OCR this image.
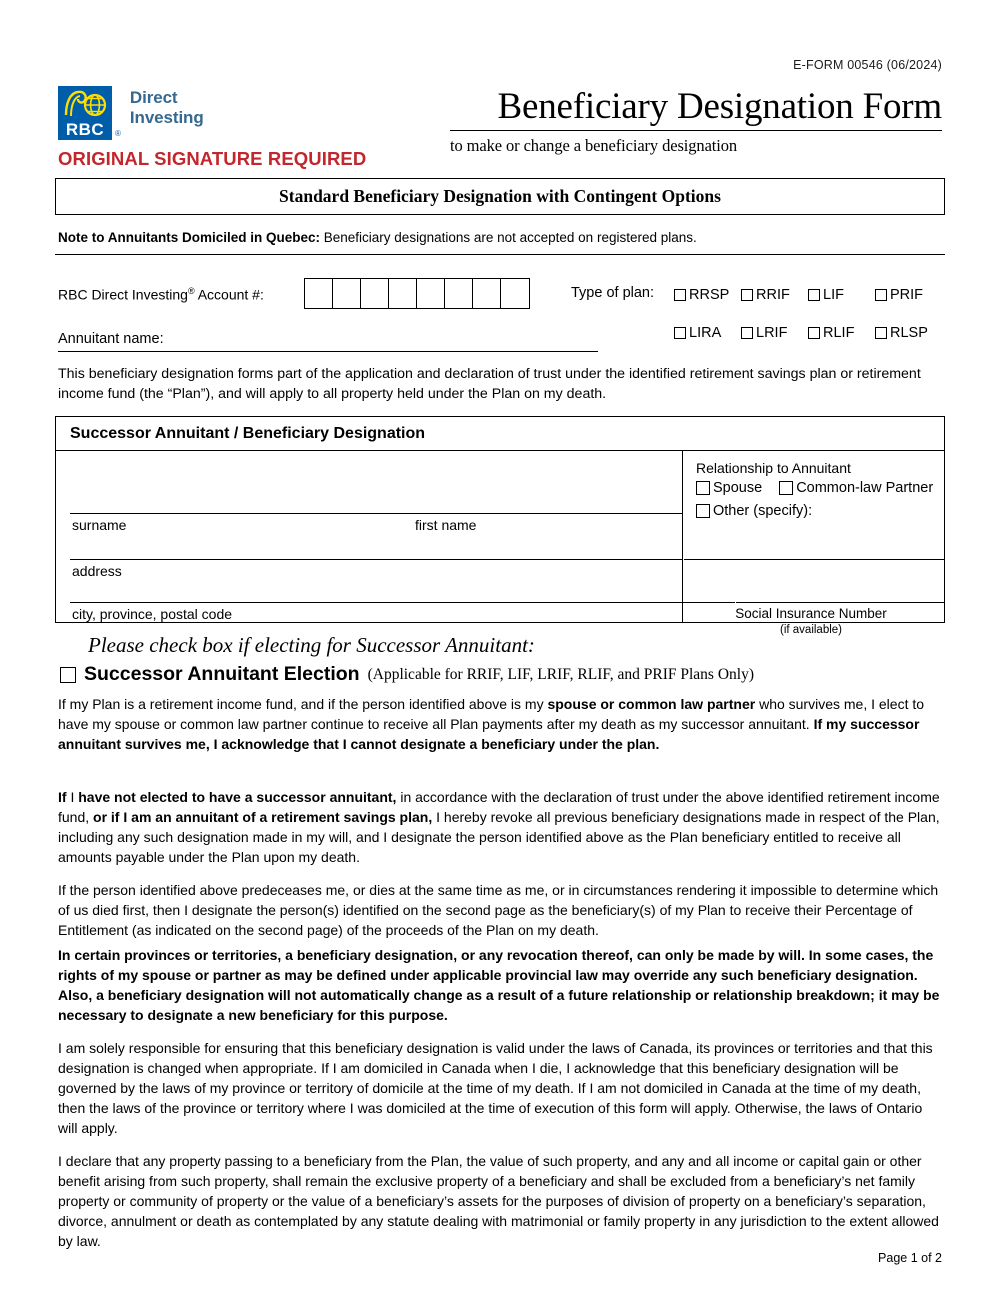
E-FORM 00546 (06/2024)
RBC	®
Direct
Investing
ORIGINAL SIGNATURE REQUIRED
Beneficiary Designation Form
to make or change a beneficiary designation
Standard Beneficiary Designation with Contingent Options
Note to Annuitants Domiciled in Quebec: Beneficiary designations are not accepted on registered plans.
RBC Direct Investing® Account #:	Type of plan: RRSP RRIF LIF	PRIF
LIRA LRIF RLIF RLSP
Annuitant name:
This beneficiary designation forms part of the application and declaration of trust under the identified retirement savings plan or retirement income fund (the “Plan”), and will apply to all property held under the Plan on my death.
Successor Annuitant / Beneficiary Designation
surname	first name
address
city, province, postal code
Relationship to Annuitant
Spouse Common-law Partner
Other (specify):
Social Insurance Number
(if available)
Please check box if electing for Successor Annuitant:
Successor Annuitant Election (Applicable for RRIF, LIF, LRIF, RLIF, and PRIF Plans Only)
If my Plan is a retirement income fund, and if the person identified above is my spouse or common law partner who survives me, I elect to have my spouse or common law partner continue to receive all Plan payments after my death as my successor annuitant. If my successor annuitant survives me, I acknowledge that I cannot designate a beneficiary under the plan.
If I have not elected to have a successor annuitant, in accordance with the declaration of trust under the above identified retirement income fund, or if I am an annuitant of a retirement savings plan, I hereby revoke all previous beneficiary designations made in respect of the Plan, including any such designation made in my will, and I designate the person identified above as the Plan beneficiary entitled to receive all amounts payable under the Plan upon my death.
If the person identified above predeceases me, or dies at the same time as me, or in circumstances rendering it impossible to determine which of us died first, then I designate the person(s) identified on the second page as the beneficiary(s) of my Plan to receive their Percentage of Entitlement (as indicated on the second page) of the proceeds of the Plan on my death.
In certain provinces or territories, a beneficiary designation, or any revocation thereof, can only be made by will. In some cases, the rights of my spouse or partner as may be defined under applicable provincial law may override any such beneficiary designation. Also, a beneficiary designation will not automatically change as a result of a future relationship or relationship breakdown; it may be necessary to designate a new beneficiary for this purpose.
I am solely responsible for ensuring that this beneficiary designation is valid under the laws of Canada, its provinces or territories and that this designation is changed when appropriate. If I am domiciled in Canada when I die, I acknowledge that this beneficiary designation will be governed by the laws of my province or territory of domicile at the time of my death. If I am not domiciled in Canada at the time of my death, then the laws of the province or territory where I was domiciled at the time of execution of this form will apply. Otherwise, the laws of Ontario will apply.
I declare that any property passing to a beneficiary from the Plan, the value of such property, and any and all income or capital gain or other benefit arising from such property, shall remain the exclusive property of a beneficiary and shall be excluded from a beneficiary’s net family property or community of property or the value of a beneficiary’s assets for the purposes of division of property on a beneficiary’s separation, divorce, annulment or death as contemplated by any statute dealing with matrimonial or family property in any jurisdiction to the extent allowed by law.
Page 1 of 2
